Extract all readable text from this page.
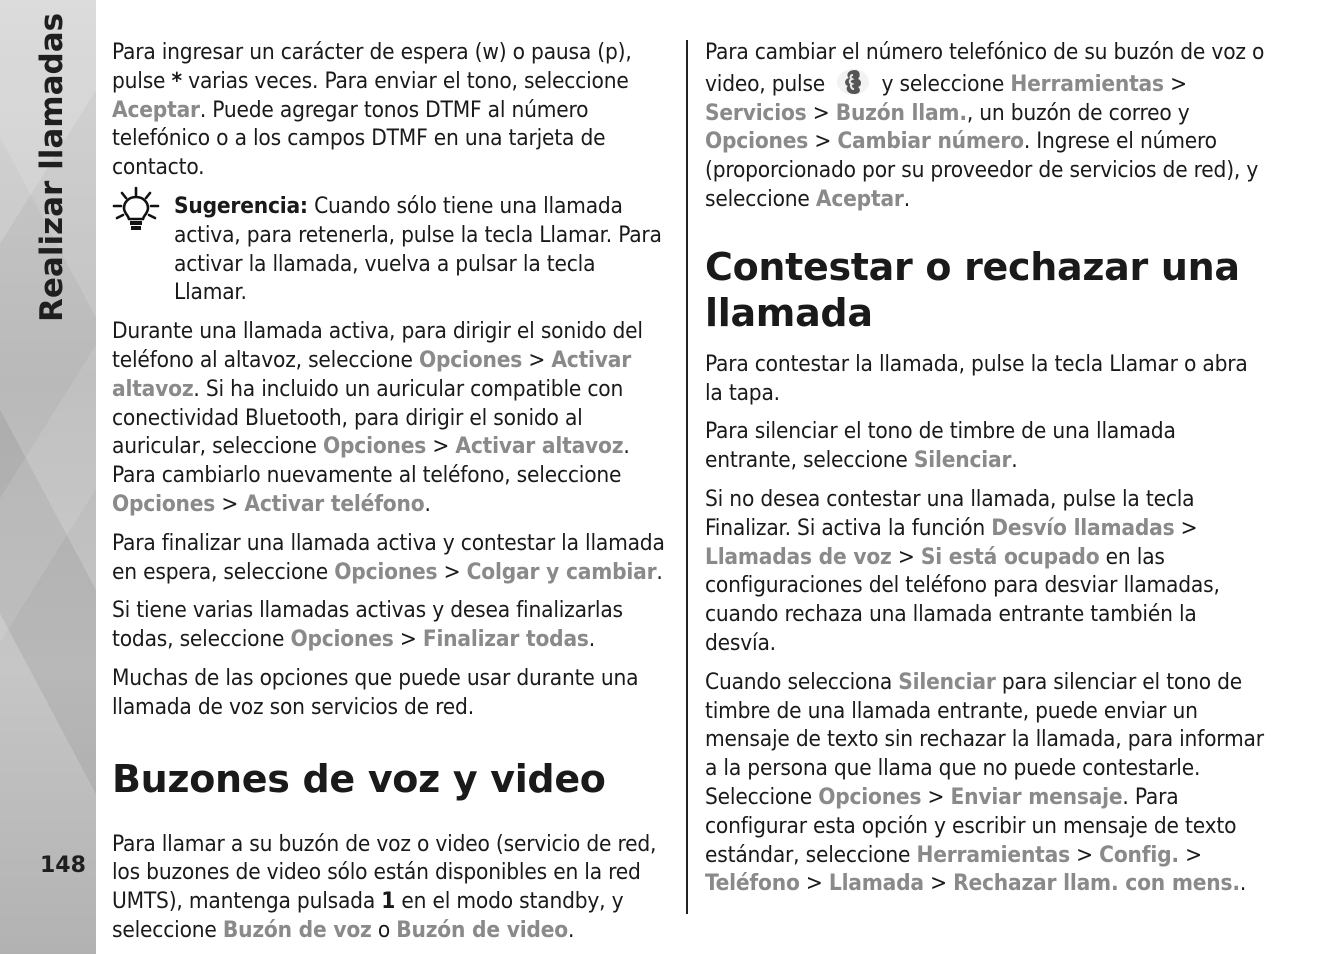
Realizar llamadas
148

Para ingresar un carácter de espera (w) o pausa (p), pulse * varias veces. Para enviar el tono, seleccione Aceptar. Puede agregar tonos DTMF al número telefónico o a los campos DTMF en una tarjeta de contacto.

Sugerencia: Cuando sólo tiene una llamada activa, para retenerla, pulse la tecla Llamar. Para activar la llamada, vuelva a pulsar la tecla Llamar.

Durante una llamada activa, para dirigir el sonido del teléfono al altavoz, seleccione Opciones > Activar altavoz. Si ha incluido un auricular compatible con conectividad Bluetooth, para dirigir el sonido al auricular, seleccione Opciones > Activar altavoz. Para cambiarlo nuevamente al teléfono, seleccione Opciones > Activar teléfono.

Para finalizar una llamada activa y contestar la llamada en espera, seleccione Opciones > Colgar y cambiar.

Si tiene varias llamadas activas y desea finalizarlas todas, seleccione Opciones > Finalizar todas.

Muchas de las opciones que puede usar durante una llamada de voz son servicios de red.

Buzones de voz y video

Para llamar a su buzón de voz o video (servicio de red, los buzones de video sólo están disponibles en la red UMTS), mantenga pulsada 1 en el modo standby, y seleccione Buzón de voz o Buzón de video.

Para cambiar el número telefónico de su buzón de voz o video, pulse  y seleccione Herramientas > Servicios > Buzón llam., un buzón de correo y Opciones > Cambiar número. Ingrese el número (proporcionado por su proveedor de servicios de red), y seleccione Aceptar.

Contestar o rechazar una llamada

Para contestar la llamada, pulse la tecla Llamar o abra la tapa.

Para silenciar el tono de timbre de una llamada entrante, seleccione Silenciar.

Si no desea contestar una llamada, pulse la tecla Finalizar. Si activa la función Desvío llamadas > Llamadas de voz > Si está ocupado en las configuraciones del teléfono para desviar llamadas, cuando rechaza una llamada entrante también la desvía.

Cuando selecciona Silenciar para silenciar el tono de timbre de una llamada entrante, puede enviar un mensaje de texto sin rechazar la llamada, para informar a la persona que llama que no puede contestarle. Seleccione Opciones > Enviar mensaje. Para configurar esta opción y escribir un mensaje de texto estándar, seleccione Herramientas > Config. > Teléfono > Llamada > Rechazar llam. con mens..
